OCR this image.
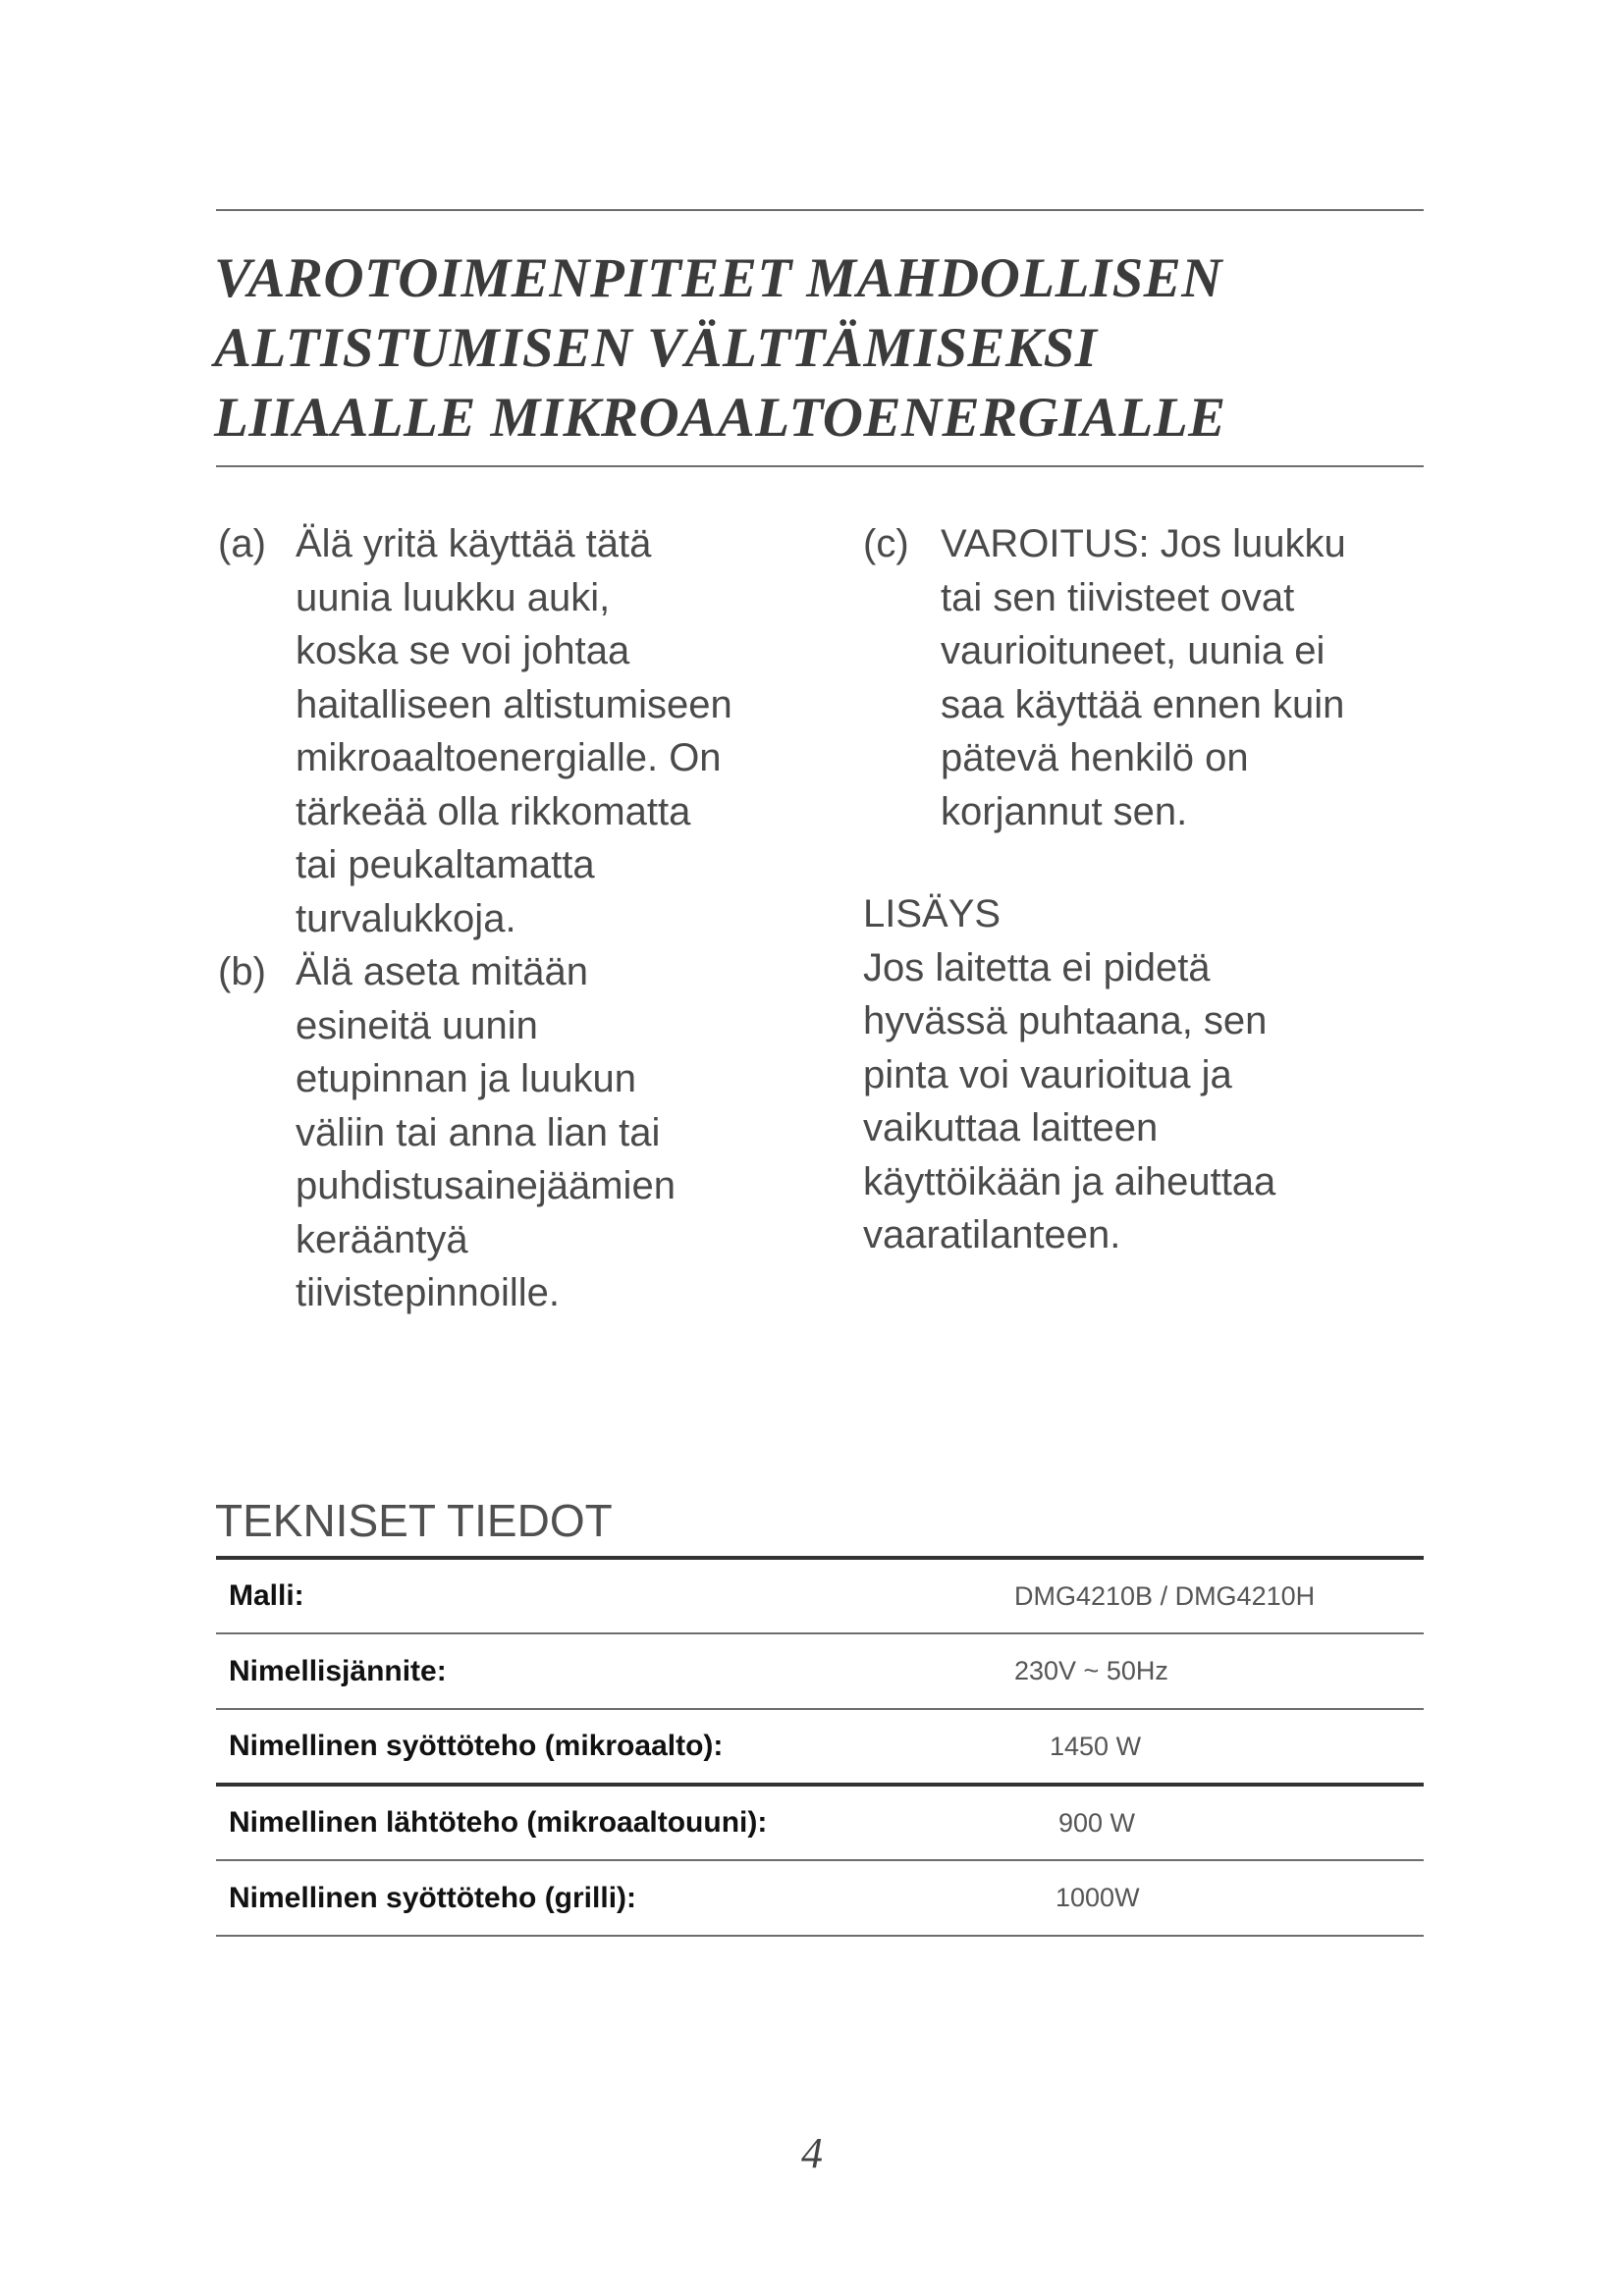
VAROTOIMENPITEET MAHDOLLISEN
ALTISTUMISEN VÄLTTÄMISEKSI
LIIAALLE MIKROAALTOENERGIALLE
(a) Älä yritä käyttää tätä
uunia luukku auki,
koska se voi johtaa
haitalliseen altistumiseen
mikroaaltoenergialle. On
tärkeää olla rikkomatta
tai peukaltamatta
turvalukkoja.
(b) Älä aseta mitään
esineitä uunin
etupinnan ja luukun
väliin tai anna lian tai
puhdistusainejäämien
kerääntyä
tiivistepinnoille.
(c) VAROITUS: Jos luukku
tai sen tiivisteet ovat
vaurioituneet, uunia ei
saa käyttää ennen kuin
pätevä henkilö on
korjannut sen.
LISÄYS
Jos laitetta ei pidetä
hyvässä puhtaana, sen
pinta voi vaurioitua ja
vaikuttaa laitteen
käyttöikään ja aiheuttaa
vaaratilanteen.
TEKNISET TIEDOT
Malli:	DMG4210B / DMG4210H
Nimellisjännite:	230V ~ 50Hz
Nimellinen syöttöteho (mikroaalto):	1450 W
Nimellinen lähtöteho (mikroaaltouuni):	900 W
Nimellinen syöttöteho (grilli):	1000W
4
